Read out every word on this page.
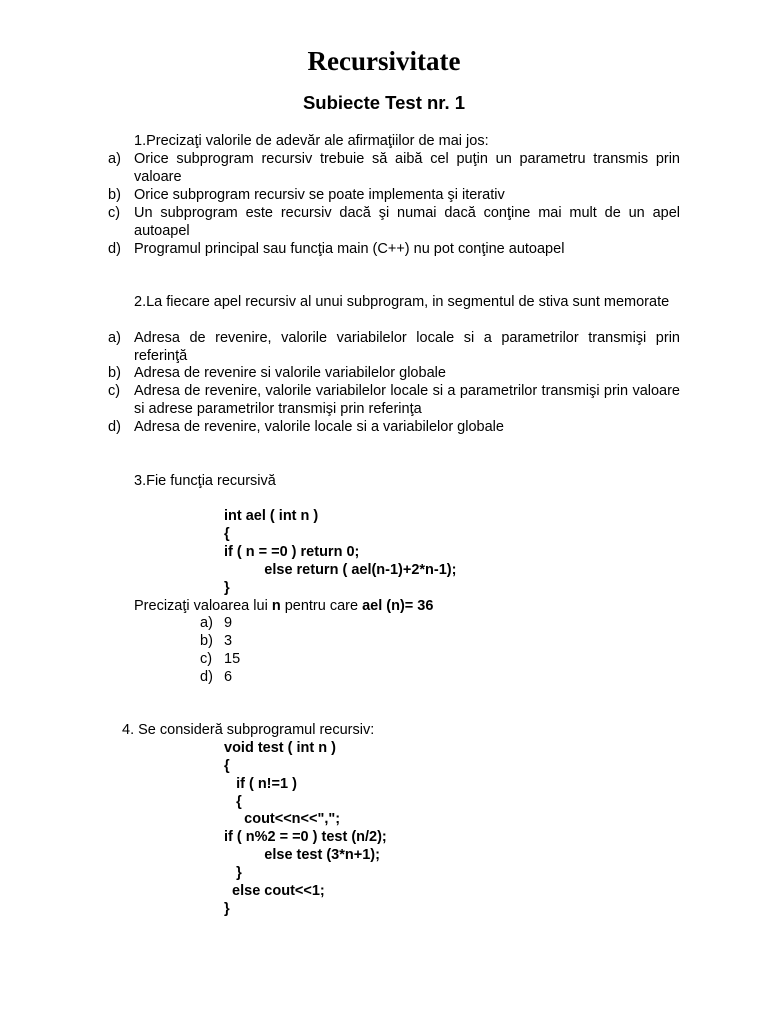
Recursivitate
Subiecte Test nr. 1
1.Precizaţi valorile de adevăr ale afirmaţiilor de mai jos:
a) Orice subprogram recursiv trebuie să aibă cel puţin un parametru transmis prin valoare
b) Orice subprogram recursiv se poate implementa şi iterativ
c) Un subprogram este recursiv dacă şi numai dacă conţine mai mult de un apel autoapel
d) Programul principal sau funcţia main (C++) nu pot conţine autoapel
2.La fiecare apel recursiv al unui subprogram, in segmentul de stiva sunt memorate
a) Adresa de revenire, valorile variabilelor locale si a parametrilor transmişi prin referinţă
b) Adresa de revenire si valorile variabilelor globale
c) Adresa de revenire, valorile variabilelor locale si a parametrilor transmişi prin valoare si adrese parametrilor transmişi prin referinţa
d) Adresa de revenire, valorile locale si a variabilelor globale
3.Fie funcţia recursivă
int ael ( int n )
{
if ( n = =0 ) return 0;
else return ( ael(n-1)+2*n-1);
}
Precizaţi valoarea lui n pentru care ael (n)= 36
a) 9
b) 3
c) 15
d) 6
4. Se consideră subprogramul recursiv:
void test ( int n )
{
if ( n!=1 )
{
cout<<n<<",";
if ( n%2 = =0 ) test (n/2);
else test (3*n+1);
}
else cout<<1;
}
